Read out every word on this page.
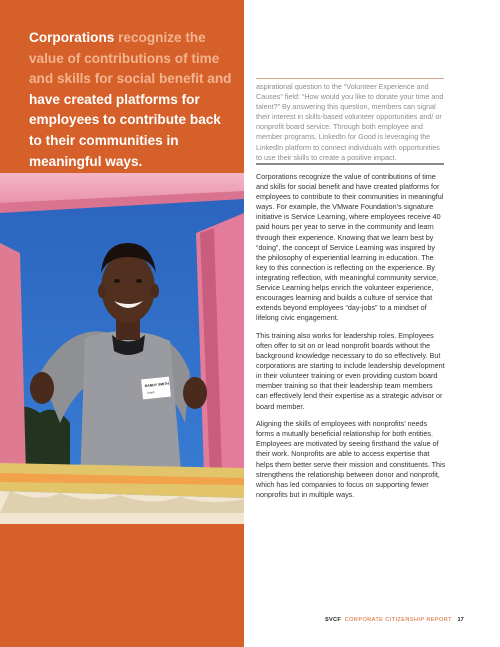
Corporations recognize the value of contributions of time and skills for social benefit and have created platforms for employees to contribute back to their communities in meaningful ways.

RANDY SMITH
Intern

aspirational question to the “Volunteer Experience and Causes” field: “How would you like to donate your time and talent?” By answering this question, members can signal their interest in skills-based volunteer opportunities and/ or nonprofit board service. Through both employee and member programs, LinkedIn for Good is leveraging the LinkedIn platform to connect individuals with opportunities to use their skills to create a positive impact.

Corporations recognize the value of contributions of time and skills for social benefit and have created platforms for employees to contribute to their communities in meaningful ways. For example, the VMware Foundation’s signature initiative is Service Learning, where employees receive 40 paid hours per year to serve in the community and learn through their experience. Knowing that we learn best by “doing”, the concept of Service Learning was inspired by the philosophy of experiential learning in education. The key to this connection is reflecting on the experience. By integrating reflection, with meaningful community service, Service Learning helps enrich the volunteer experience, encourages learning and builds a culture of service that extends beyond employees “day-jobs” to a mindset of lifelong civic engagement.

This training also works for leadership roles. Employees often offer to sit on or lead nonprofit boards without the background knowledge necessary to do so effectively. But corporations are starting to include leadership development in their volunteer training or even providing custom board member training so that their leadership team members can effectively lend their expertise as a strategic advisor or board member.

Aligning the skills of employees with nonprofits’ needs forms a mutually beneficial relationship for both entities. Employees are motivated by seeing firsthand the value of their work. Nonprofits are able to access expertise that helps them better serve their mission and constituents. This strengthens the relationship between donor and nonprofit, which has led companies to focus on supporting fewer nonprofits but in multiple ways.

SVCF CORPORATE CITIZENSHIP REPORT 17
